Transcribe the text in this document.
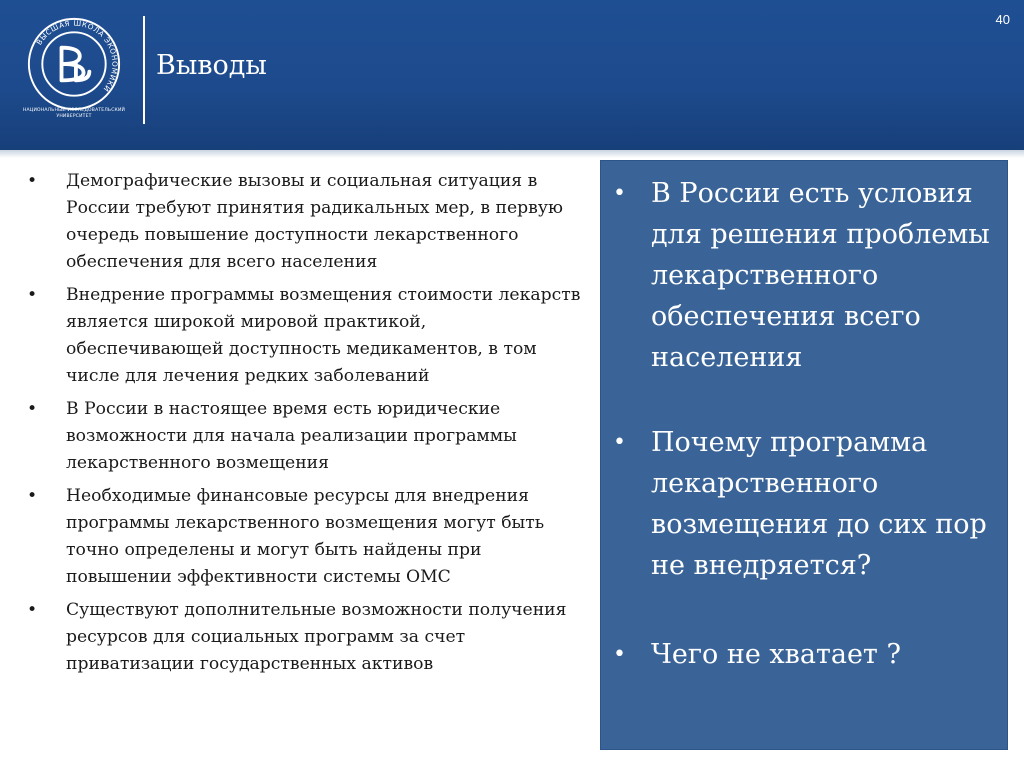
ВЫСШАЯ ШКОЛА ЭКОНОМИКИ
НАЦИОНАЛЬНЫЙ ИССЛЕДОВАТЕЛЬСКИЙ
УНИВЕРСИТЕТ
Выводы
40
• Демографические вызовы и социальная ситуация в России требуют принятия радикальных мер, в первую очередь повышение доступности лекарственного обеспечения для всего населения
• Внедрение программы возмещения стоимости лекарств является широкой мировой практикой, обеспечивающей доступность медикаментов, в том числе для лечения редких заболеваний
• В России в настоящее время есть юридические возможности для начала реализации программы лекарственного возмещения
• Необходимые финансовые ресурсы для внедрения программы лекарственного возмещения могут быть точно определены и могут быть найдены при повышении эффективности системы ОМС
• Существуют дополнительные возможности получения ресурсов для социальных программ за счет приватизации государственных активов
• В России есть условия для решения проблемы лекарственного обеспечения всего населения
• Почему программа лекарственного возмещения до сих пор не внедряется?
• Чего не хватает ?
